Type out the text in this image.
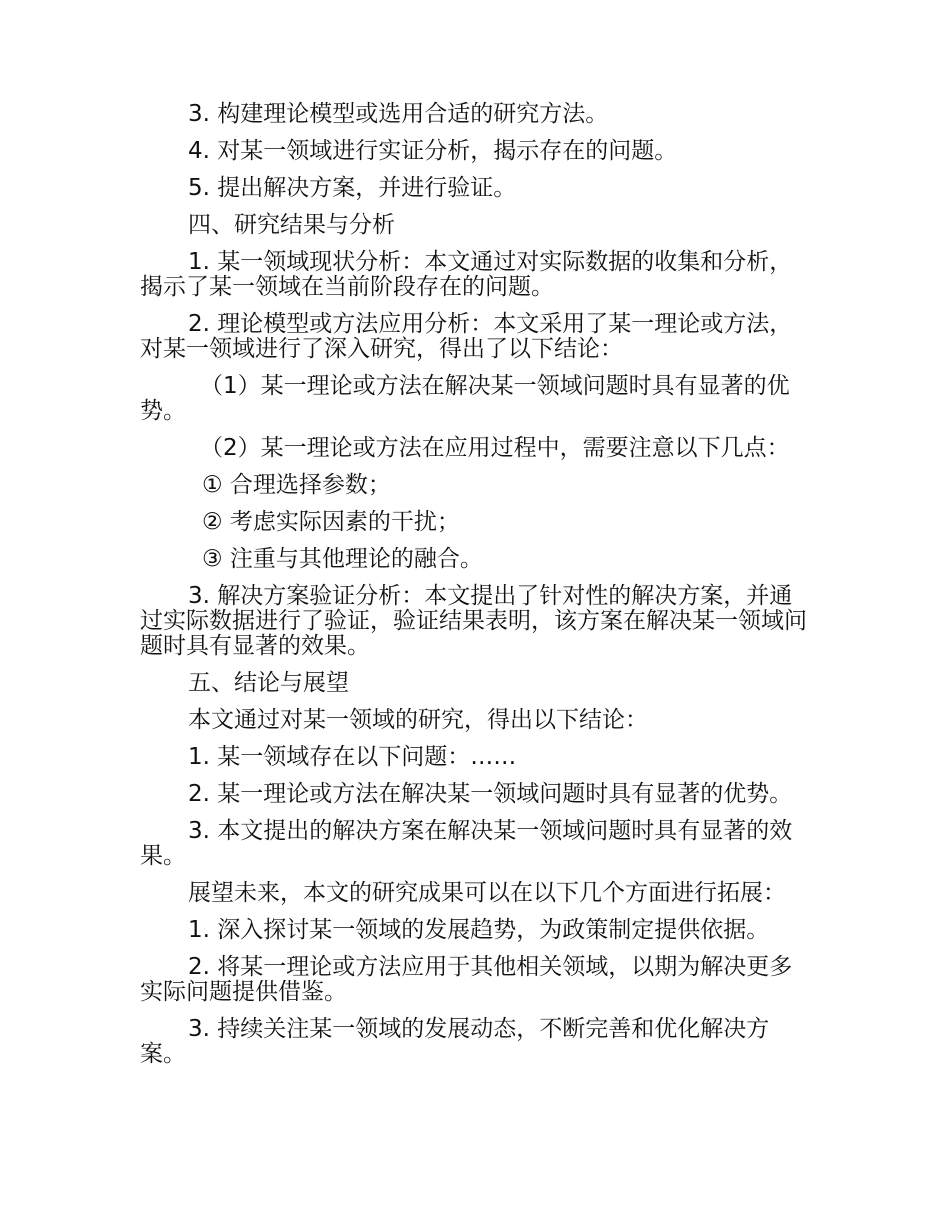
3. 构建理论模型或选用合适的研究方法。

4. 对某一领域进行实证分析，揭示存在的问题。

5. 提出解决方案，并进行验证。

四、研究结果与分析

1. 某一领域现状分析：本文通过对实际数据的收集和分析，揭示了某一领域在当前阶段存在的问题。

2. 理论模型或方法应用分析：本文采用了某一理论或方法，对某一领域进行了深入研究，得出了以下结论：

（1）某一理论或方法在解决某一领域问题时具有显著的优势。

（2）某一理论或方法在应用过程中，需要注意以下几点：

① 合理选择参数；

② 考虑实际因素的干扰；

③ 注重与其他理论的融合。

3. 解决方案验证分析：本文提出了针对性的解决方案，并通过实际数据进行了验证，验证结果表明，该方案在解决某一领域问题时具有显著的效果。

五、结论与展望

本文通过对某一领域的研究，得出以下结论：

1. 某一领域存在以下问题：……

2. 某一理论或方法在解决某一领域问题时具有显著的优势。

3. 本文提出的解决方案在解决某一领域问题时具有显著的效果。

展望未来，本文的研究成果可以在以下几个方面进行拓展：

1. 深入探讨某一领域的发展趋势，为政策制定提供依据。

2. 将某一理论或方法应用于其他相关领域，以期为解决更多实际问题提供借鉴。

3. 持续关注某一领域的发展动态，不断完善和优化解决方案。
